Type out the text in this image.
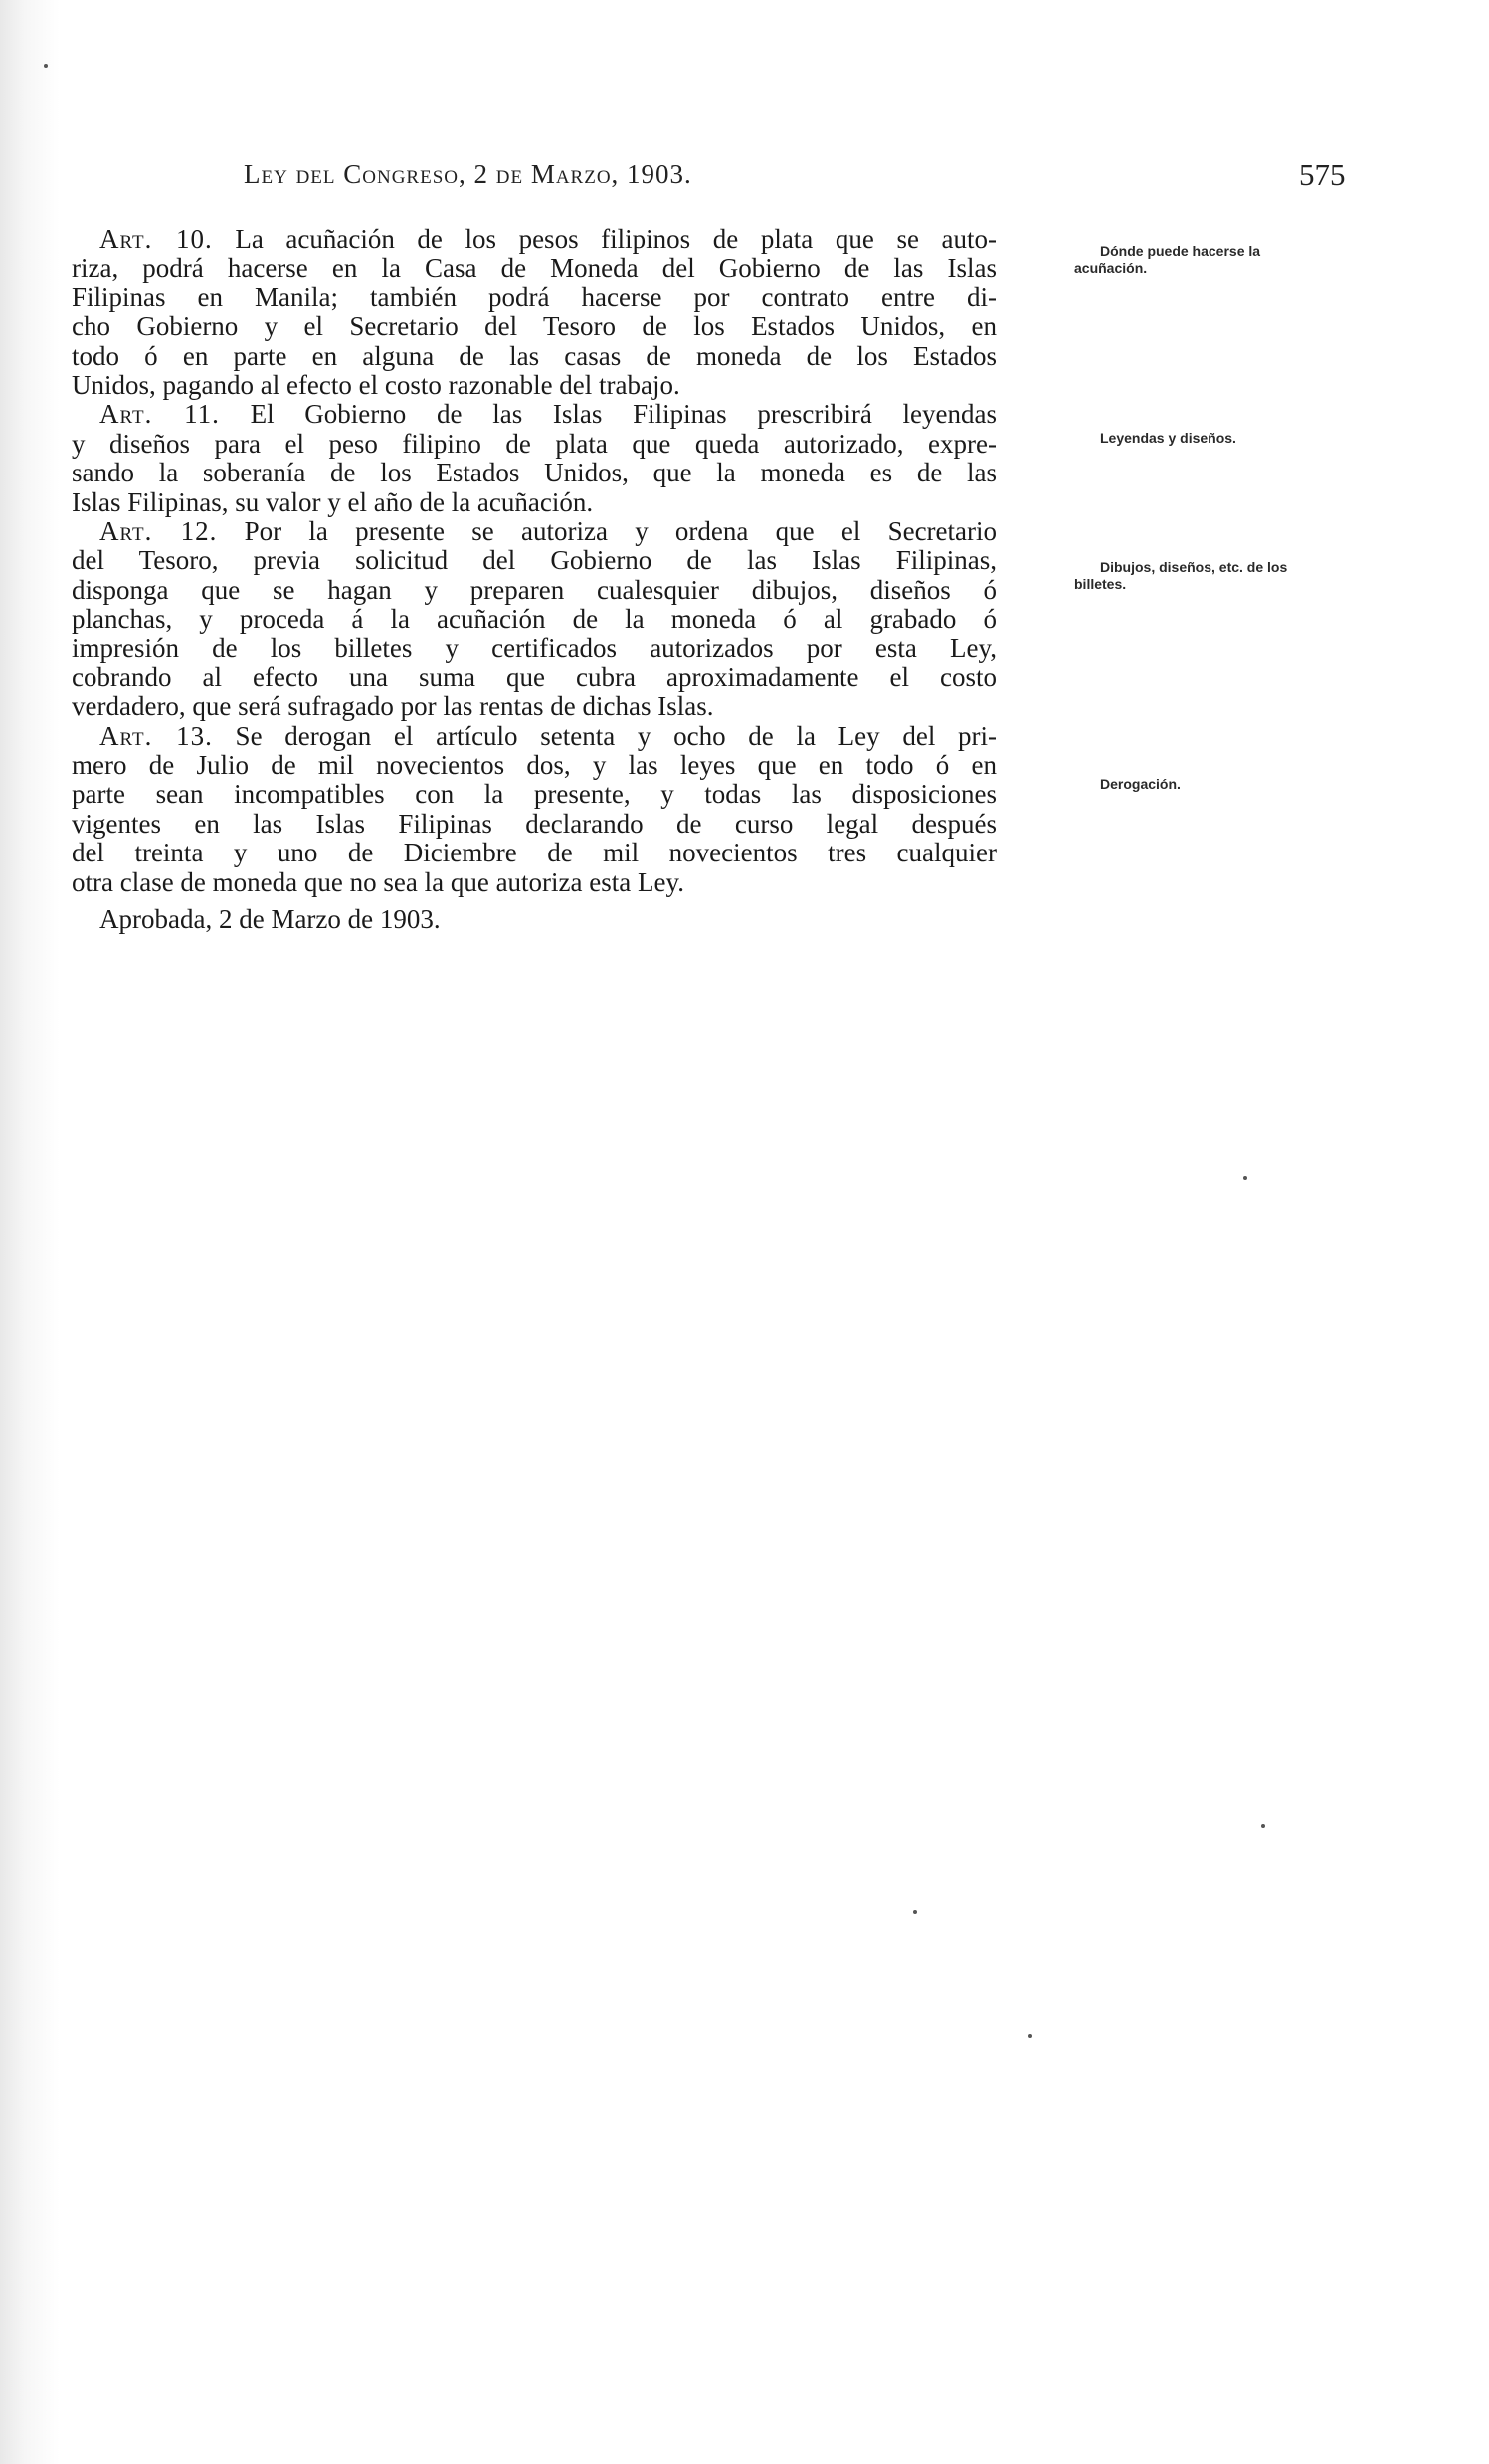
Ley del Congreso, 2 de Marzo, 1903.	575
Art. 10. La acuñación de los pesos filipinos de plata que se auto-
riza, podrá hacerse en la Casa de Moneda del Gobierno de las Islas
Filipinas en Manila; también podrá hacerse por contrato entre di-
cho Gobierno y el Secretario del Tesoro de los Estados Unidos, en
todo ó en parte en alguna de las casas de moneda de los Estados
Unidos, pagando al efecto el costo razonable del trabajo.
Art. 11. El Gobierno de las Islas Filipinas prescribirá leyendas
y diseños para el peso filipino de plata que queda autorizado, expre-
sando la soberanía de los Estados Unidos, que la moneda es de las
Islas Filipinas, su valor y el año de la acuñación.
Art. 12. Por la presente se autoriza y ordena que el Secretario
del Tesoro, previa solicitud del Gobierno de las Islas Filipinas,
disponga que se hagan y preparen cualesquier dibujos, diseños ó
planchas, y proceda á la acuñación de la moneda ó al grabado ó
impresión de los billetes y certificados autorizados por esta Ley,
cobrando al efecto una suma que cubra aproximadamente el costo
verdadero, que será sufragado por las rentas de dichas Islas.
Art. 13. Se derogan el artículo setenta y ocho de la Ley del pri-
mero de Julio de mil novecientos dos, y las leyes que en todo ó en
parte sean incompatibles con la presente, y todas las disposiciones
vigentes en las Islas Filipinas declarando de curso legal después
del treinta y uno de Diciembre de mil novecientos tres cualquier
otra clase de moneda que no sea la que autoriza esta Ley.
Aprobada, 2 de Marzo de 1903.
Dónde puede hacerse la acuñación.
Leyendas y diseños.
Dibujos, diseños, etc. de los billetes.
Derogación.
